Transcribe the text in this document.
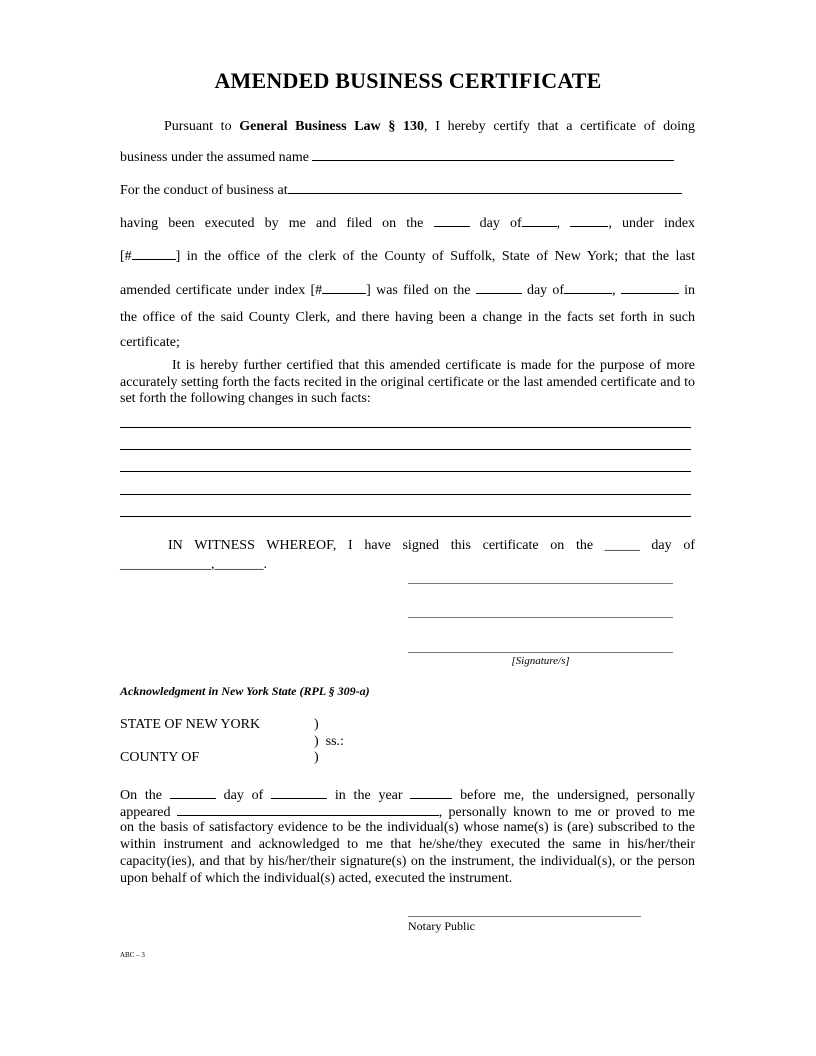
AMENDED BUSINESS CERTIFICATE
Pursuant to General Business Law § 130, I hereby certify that a certificate of doing
business under the assumed name
For the conduct of business at
having been executed by me and filed on the	day of	,	, under index
[#	] in the office of the clerk of the County of Suffolk, State of New York; that the last
amended certificate under index [#	] was filed on the	day of	,	in
the office of the said County Clerk, and there having been a change in the facts set forth in such
certificate;
It is hereby further certified that this amended certificate is made for the purpose of more accurately setting forth the facts recited in the original certificate or the last amended certificate and to set forth the following changes in such facts:
IN WITNESS WHEREOF, I have signed this certificate on the _____ day of
_____________,_______.
[Signature/s]
Acknowledgment in New York State (RPL § 309-a)
STATE OF NEW YORK	)
)  ss.:
COUNTY OF	)
On the	day of	in the year	before me, the undersigned, personally
appeared	, personally known to me or proved to me
on the basis of satisfactory evidence to be the individual(s) whose name(s) is (are) subscribed to the within instrument and acknowledged to me that he/she/they executed the same in his/her/their capacity(ies), and that by his/her/their signature(s) on the instrument, the individual(s), or the person upon behalf of which the individual(s) acted, executed the instrument.
Notary Public
ABC – 3
